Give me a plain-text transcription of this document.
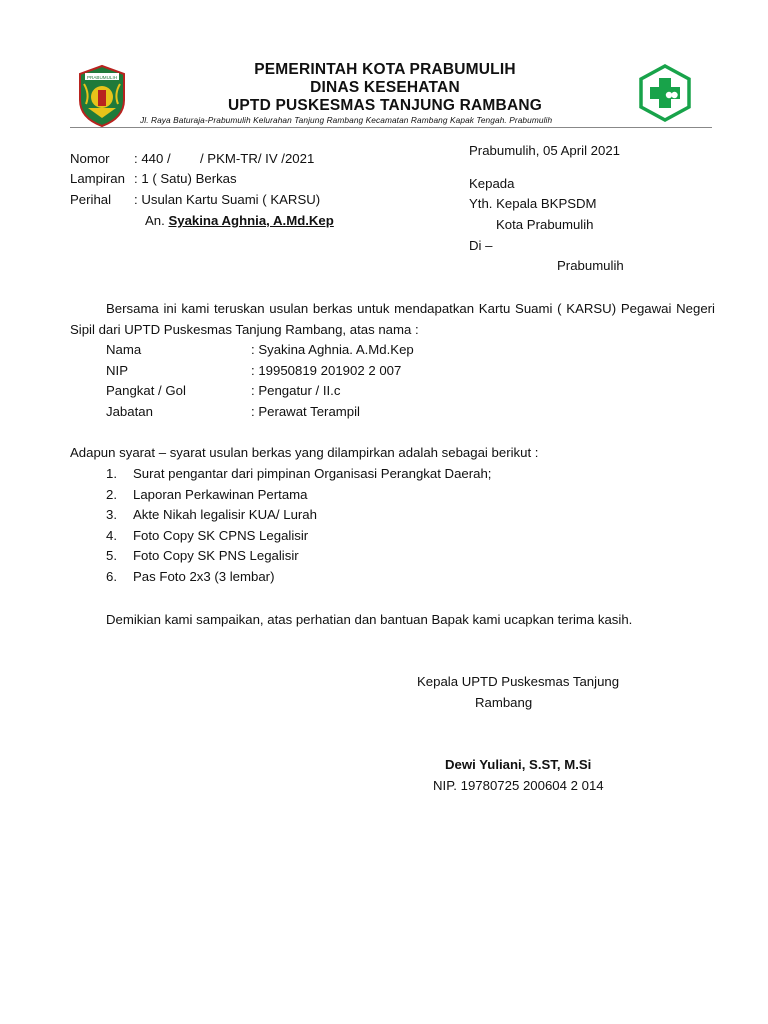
PRABUMULIH	PEMERINTAH KOTA PRABUMULIH
DINAS KESEHATAN
UPTD PUSKESMAS TANJUNG RAMBANG
Jl. Raya Baturaja-Prabumulih Kelurahan Tanjung Rambang Kecamatan Rambang Kapak Tengah. Prabumulih
Nomor : 440 /        / PKM-TR/ IV /2021
Lampiran : 1 ( Satu) Berkas
Perihal : Usulan Kartu Suami ( KARSU)
An. Syakina Aghnia, A.Md.Kep
Prabumulih, 05 April 2021
Kepada
Yth. Kepala BKPSDM
Kota Prabumulih
Di –
Prabumulih
Bersama ini kami teruskan usulan berkas untuk mendapatkan Kartu Suami ( KARSU) Pegawai Negeri Sipil dari UPTD Puskesmas Tanjung Rambang, atas nama :
Nama	: Syakina Aghnia. A.Md.Kep
NIP	: 19950819 201902 2 007
Pangkat / Gol	: Pengatur / II.c
Jabatan	: Perawat Terampil
Adapun syarat – syarat usulan berkas yang dilampirkan adalah sebagai berikut :
1. Surat pengantar dari pimpinan Organisasi Perangkat Daerah;
2. Laporan Perkawinan Pertama
3. Akte Nikah legalisir KUA/ Lurah
4. Foto Copy SK CPNS Legalisir
5. Foto Copy SK PNS Legalisir
6. Pas Foto 2x3 (3 lembar)
Demikian kami sampaikan, atas perhatian dan bantuan Bapak kami ucapkan terima kasih.
Kepala UPTD Puskesmas Tanjung
Rambang
Dewi Yuliani, S.ST, M.Si
NIP. 19780725 200604 2 014
